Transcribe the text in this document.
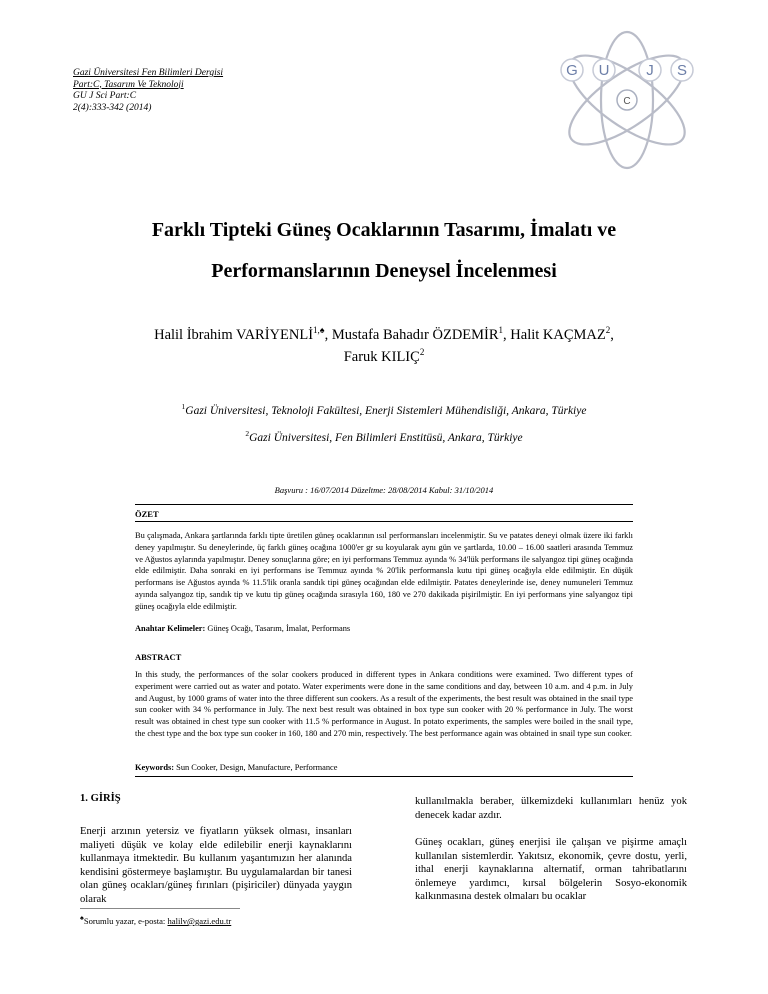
Gazi Üniversitesi Fen Bilimleri Dergisi
Part:C, Tasarım Ve Teknoloji
GU J Sci Part:C
2(4):333-342 (2014)
C
G U J S
Farklı Tipteki Güneş Ocaklarının Tasarımı, İmalatı ve
Performanslarının Deneysel İncelenmesi
Halil İbrahim $VARİYENLİ^{1,♠}$, Mustafa Bahadır ÖZDEMİR$^1$, Halit KAÇMAZ$^2$,
Faruk KILIÇ$^2$
$^1$Gazi Üniversitesi, Teknoloji Fakültesi, Enerji Sistemleri Mühendisliği, Ankara, Türkiye
$^2$Gazi Üniversitesi, Fen Bilimleri Enstitüsü, Ankara, Türkiye
Başvuru : 16/07/2014 Düzeltme: 28/08/2014 Kabul: 31/10/2014
ÖZET

Bu çalışmada, Ankara şartlarında farklı tipte üretilen güneş ocaklarının ısıl performansları incelenmiştir. Su ve patates deneyi olmak üzere iki farklı deney yapılmıştır. Su deneylerinde, üç farklı güneş ocağına 1000'er gr su koyularak aynı gün ve şartlarda, 10.00 – 16.00 saatleri arasında Temmuz ve Ağustos aylarında yapılmıştır. Deney sonuçlarına göre; en iyi performans Temmuz ayında % 34'lük performans ile salyangoz tipi güneş ocağında elde edilmiştir. Daha sonraki en iyi performans ise Temmuz ayında % 20'lik performansla kutu tipi güneş ocağıyla elde edilmiştir. En düşük performans ise Ağustos ayında % 11.5'lik oranla sandık tipi güneş ocağından elde edilmiştir. Patates deneylerinde ise, deney numuneleri Temmuz ayında salyangoz tip, sandık tip ve kutu tip güneş ocağında sırasıyla 160, 180 ve 270 dakikada pişirilmiştir. En iyi performans yine salyangoz tipi güneş ocağıyla elde edilmiştir.

Anahtar Kelimeler: Güneş Ocağı, Tasarım, İmalat, Performans
ABSTRACT

In this study, the performances of the solar cookers produced in different types in Ankara conditions were examined. Two different types of experiment were carried out as water and potato. Water experiments were done in the same conditions and day, between 10 a.m. and 4 p.m. in July and August, by 1000 grams of water into the three different sun cookers. As a result of the experiments, the best result was obtained in the snail type sun cooker with 34 % performance in July. The next best result was obtained in box type sun cooker with 20 % performance in July. The worst result was obtained in chest type sun cooker with 11.5 % performance in August. In potato experiments, the samples were boiled in the snail type, the chest type and the box type sun cooker in 160, 180 and 270 min, respectively. The best performance again was obtained in snail type sun cooker.

Keywords: Sun Cooker, Design, Manufacture, Performance
1. GİRİŞ

Enerji arzının yetersiz ve fiyatların yüksek olması, insanları maliyeti düşük ve kolay elde edilebilir enerji kaynaklarını kullanmaya itmektedir. Bu kullanım yaşantımızın her alanında kendisini göstermeye başlamıştır. Bu uygulamalardan bir tanesi olan güneş ocakları/güneş fırınları (pişiriciler) dünyada yaygın olarak

kullanılmakla beraber, ülkemizdeki kullanımları henüz yok denecek kadar azdır.

Güneş ocakları, güneş enerjisi ile çalışan ve pişirme amaçlı kullanılan sistemlerdir. Yakıtsız, ekonomik, çevre dostu, yerli, ithal enerji kaynaklarına alternatif, orman tahribatlarını önlemeye yardımcı, kırsal bölgelerin Sosyo-ekonomik kalkınmasına destek olmaları bu ocaklar

♠Sorumlu yazar, e-posta: halilv@gazi.edu.tr
